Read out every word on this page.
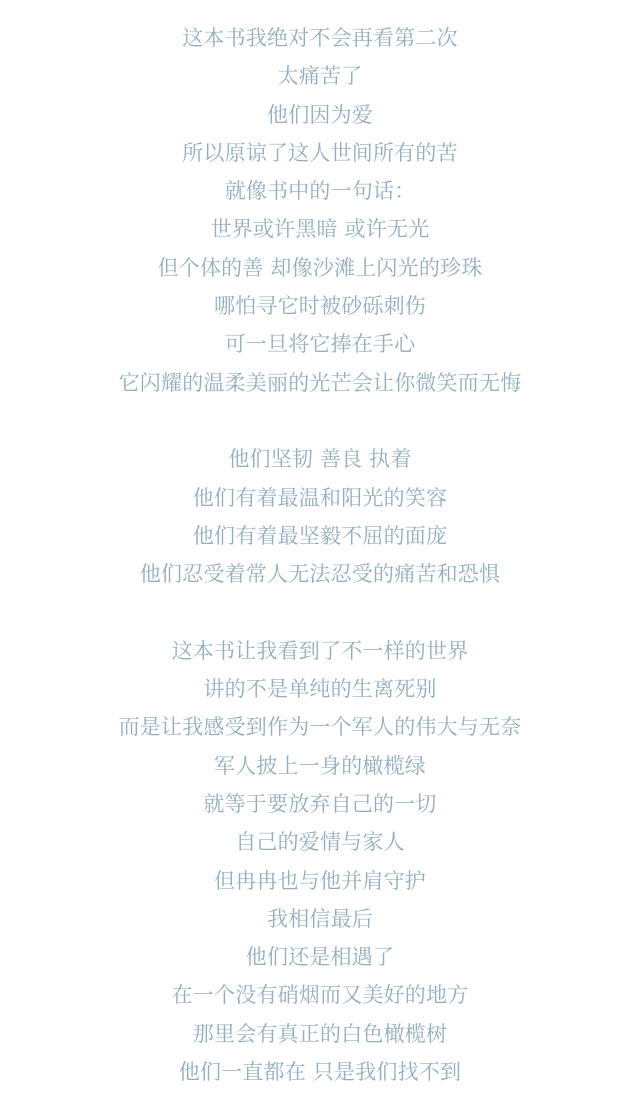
这本书我绝对不会再看第二次

太痛苦了

他们因为爱

所以原谅了这人世间所有的苦

就像书中的一句话：

世界或许黑暗 或许无光

但个体的善 却像沙滩上闪光的珍珠

哪怕寻它时被砂砾刺伤

可一旦将它捧在手心

它闪耀的温柔美丽的光芒会让你微笑而无悔

他们坚韧 善良 执着

他们有着最温和阳光的笑容

他们有着最坚毅不屈的面庞

他们忍受着常人无法忍受的痛苦和恐惧

这本书让我看到了不一样的世界

讲的不是单纯的生离死别

而是让我感受到作为一个军人的伟大与无奈

军人披上一身的橄榄绿

就等于要放弃自己的一切

自己的爱情与家人

但冉冉也与他并肩守护

我相信最后

他们还是相遇了

在一个没有硝烟而又美好的地方

那里会有真正的白色橄榄树

他们一直都在 只是我们找不到
